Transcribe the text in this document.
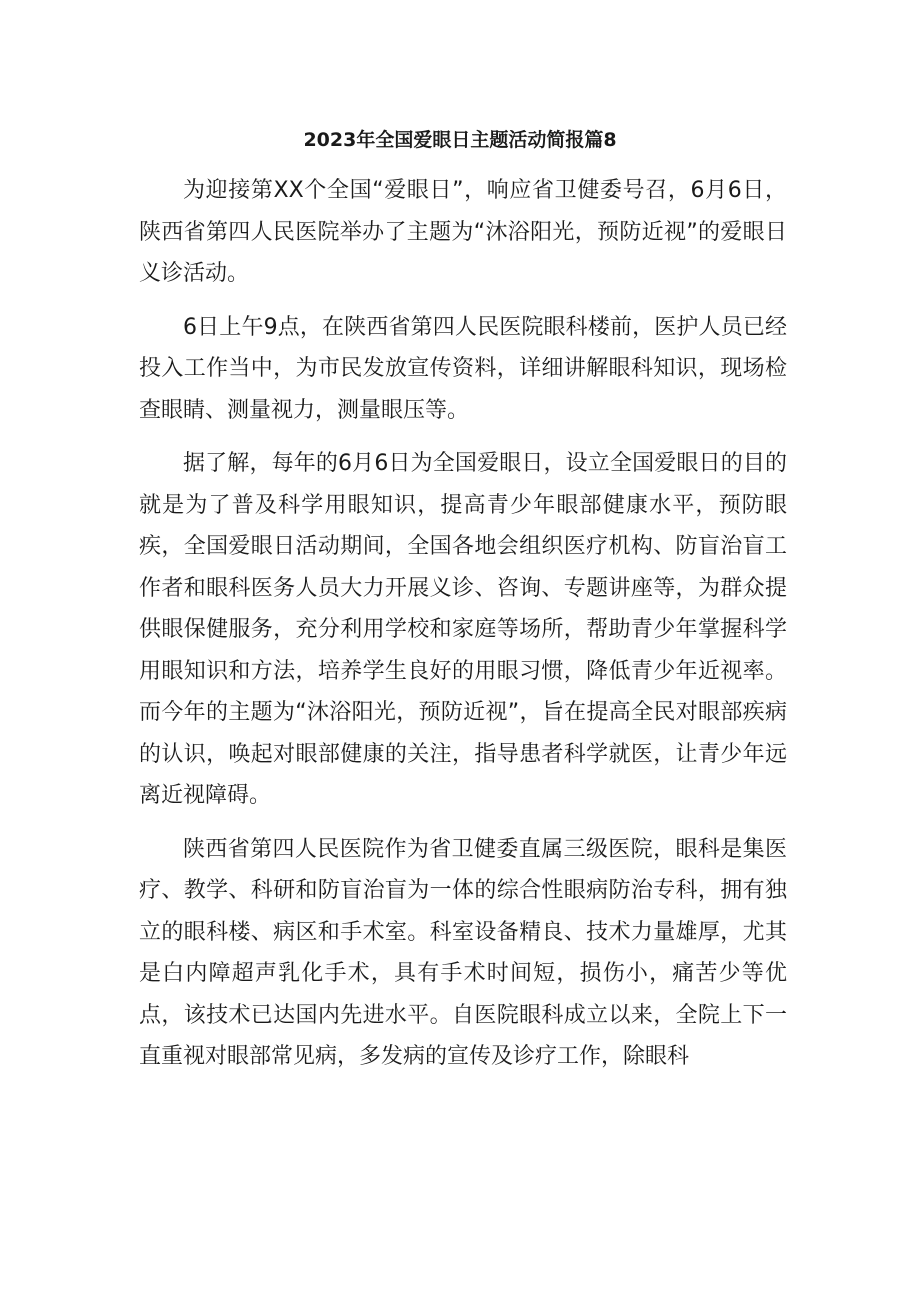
2023年全国爱眼日主题活动简报篇8

为迎接第XX个全国“爱眼日”，响应省卫健委号召，6月6日，陕西省第四人民医院举办了主题为“沐浴阳光，预防近视”的爱眼日义诊活动。

6日上午9点，在陕西省第四人民医院眼科楼前，医护人员已经投入工作当中，为市民发放宣传资料，详细讲解眼科知识，现场检查眼睛、测量视力，测量眼压等。

据了解，每年的6月6日为全国爱眼日，设立全国爱眼日的目的就是为了普及科学用眼知识，提高青少年眼部健康水平，预防眼疾，全国爱眼日活动期间，全国各地会组织医疗机构、防盲治盲工作者和眼科医务人员大力开展义诊、咨询、专题讲座等，为群众提供眼保健服务，充分利用学校和家庭等场所，帮助青少年掌握科学用眼知识和方法，培养学生良好的用眼习惯，降低青少年近视率。而今年的主题为“沐浴阳光，预防近视”，旨在提高全民对眼部疾病的认识，唤起对眼部健康的关注，指导患者科学就医，让青少年远离近视障碍。

陕西省第四人民医院作为省卫健委直属三级医院，眼科是集医疗、教学、科研和防盲治盲为一体的综合性眼病防治专科，拥有独立的眼科楼、病区和手术室。科室设备精良、技术力量雄厚，尤其是白内障超声乳化手术，具有手术时间短，损伤小，痛苦少等优点，该技术已达国内先进水平。自医院眼科成立以来，全院上下一直重视对眼部常见病，多发病的宣传及诊疗工作，除眼科
